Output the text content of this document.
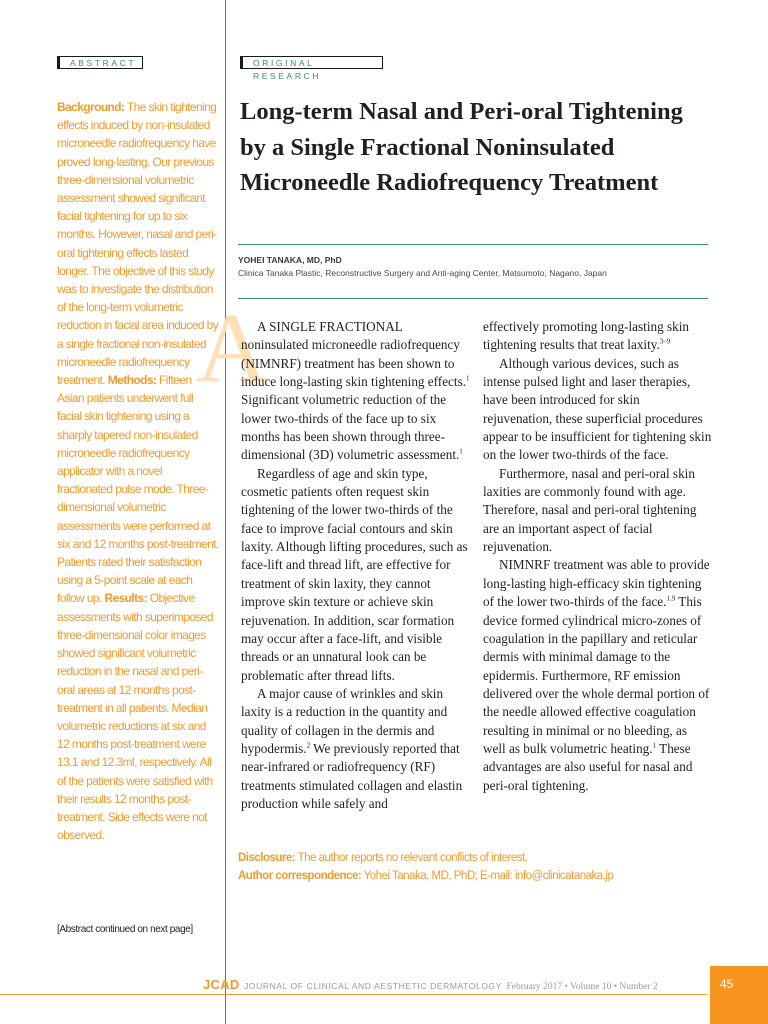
ABSTRACT	ORIGINAL RESEARCH
Background: The skin tightening effects induced by non-insulated microneedle radiofrequency have proved long-lasting. Our previous three-dimensional volumetric assessment showed significant facial tightening for up to six months. However, nasal and peri-oral tightening effects lasted longer. The objective of this study was to investigate the distribution of the long-term volumetric reduction in facial area induced by a single fractional non-insulated microneedle radiofrequency treatment. Methods: Fifteen Asian patients underwent full facial skin tightening using a sharply tapered non-insulated microneedle radiofrequency applicator with a novel fractionated pulse mode. Three-dimensional volumetric assessments were performed at six and 12 months post-treatment. Patients rated their satisfaction using a 5-point scale at each follow up. Results: Objective assessments with superimposed three-dimensional color images showed significant volumetric reduction in the nasal and peri-oral areas at 12 months post-treatment in all patients. Median volumetric reductions at six and 12 months post-treatment were 13.1 and 12.3ml, respectively. All of the patients were satisfied with their results 12 months post-treatment. Side effects were not observed.
[Abstract continued on next page]
Long-term Nasal and Peri-oral Tightening by a Single Fractional Noninsulated Microneedle Radiofrequency Treatment
YOHEI TANAKA, MD, PhD
Clinica Tanaka Plastic, Reconstructive Surgery and Anti-aging Center, Matsumoto, Nagano, Japan
A

A SINGLE FRACTIONAL noninsulated microneedle radiofrequency (NIMNRF) treatment has been shown to induce long-lasting skin tightening effects.$^1$ Significant volumetric reduction of the lower two-thirds of the face up to six months has been shown through three-dimensional (3D) volumetric assessment.$^1$

Regardless of age and skin type, cosmetic patients often request skin tightening of the lower two-thirds of the face to improve facial contours and skin laxity. Although lifting procedures, such as face-lift and thread lift, are effective for treatment of skin laxity, they cannot improve skin texture or achieve skin rejuvenation. In addition, scar formation may occur after a face-lift, and visible threads or an unnatural look can be problematic after thread lifts.

A major cause of wrinkles and skin laxity is a reduction in the quantity and quality of collagen in the dermis and hypodermis.$^2$ We previously reported that near-infrared or radiofrequency (RF) treatments stimulated collagen and elastin production while safely and

effectively promoting long-lasting skin tightening results that treat laxity.$^{3-9}$

Although various devices, such as intense pulsed light and laser therapies, have been introduced for skin rejuvenation, these superficial procedures appear to be insufficient for tightening skin on the lower two-thirds of the face.

Furthermore, nasal and peri-oral skin laxities are commonly found with age. Therefore, nasal and peri-oral tightening are an important aspect of facial rejuvenation.

NIMNRF treatment was able to provide long-lasting high-efficacy skin tightening of the lower two-thirds of the face.$^{1,9}$ This device formed cylindrical micro-zones of coagulation in the papillary and reticular dermis with minimal damage to the epidermis. Furthermore, RF emission delivered over the whole dermal portion of the needle allowed effective coagulation resulting in minimal or no bleeding, as well as bulk volumetric heating.$^1$ These advantages are also useful for nasal and peri-oral tightening.

Disclosure: The author reports no relevant conflicts of interest.
Author correspondence: Yohei Tanaka, MD, PhD; E-mail: info@clinicatanaka.jp
JCAD JOURNAL OF CLINICAL AND AESTHETIC DERMATOLOGY February 2017 • Volume 10 • Number 2	45
